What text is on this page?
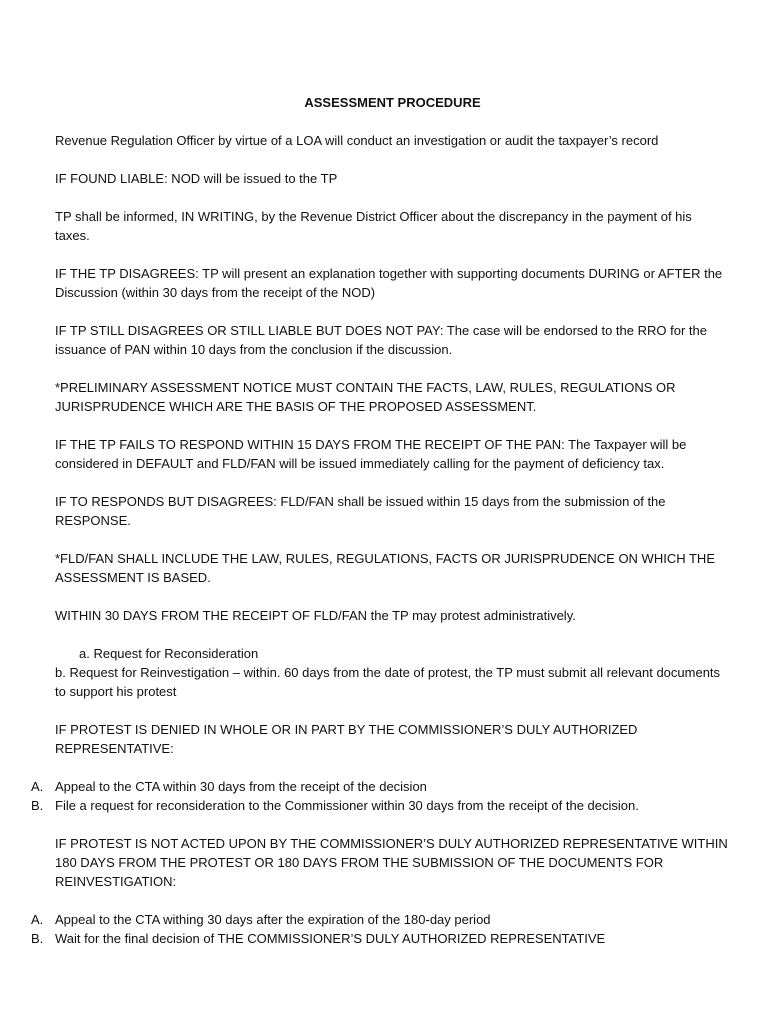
ASSESSMENT PROCEDURE

Revenue Regulation Officer by virtue of a LOA will conduct an investigation or audit the taxpayer’s record

IF FOUND LIABLE: NOD will be issued to the TP

TP shall be informed, IN WRITING, by the Revenue District Officer about the discrepancy in the payment of his taxes.

IF THE TP DISAGREES: TP will present an explanation together with supporting documents DURING or AFTER the Discussion (within 30 days from the receipt of the NOD)

IF TP STILL DISAGREES OR STILL LIABLE BUT DOES NOT PAY: The case will be endorsed to the RRO for the issuance of PAN within 10 days from the conclusion if the discussion.

*PRELIMINARY ASSESSMENT NOTICE MUST CONTAIN THE FACTS, LAW, RULES, REGULATIONS OR JURISPRUDENCE WHICH ARE THE BASIS OF THE PROPOSED ASSESSMENT.

IF THE TP FAILS TO RESPOND WITHIN 15 DAYS FROM THE RECEIPT OF THE PAN: The Taxpayer will be considered in DEFAULT and FLD/FAN will be issued immediately calling for the payment of deficiency tax.

IF TO RESPONDS BUT DISAGREES: FLD/FAN shall be issued within 15 days from the submission of the RESPONSE.

*FLD/FAN SHALL INCLUDE THE LAW, RULES, REGULATIONS, FACTS OR JURISPRUDENCE ON WHICH THE ASSESSMENT IS BASED.

WITHIN 30 DAYS FROM THE RECEIPT OF FLD/FAN the TP may protest administratively.

a. Request for Reconsideration

b. Request for Reinvestigation – within. 60 days from the date of protest, the TP must submit all relevant documents to support his protest

IF PROTEST IS DENIED IN WHOLE OR IN PART BY THE COMMISSIONER’S DULY AUTHORIZED REPRESENTATIVE:

A. Appeal to the CTA within 30 days from the receipt of the decision
B. File a request for reconsideration to the Commissioner within 30 days from the receipt of the decision.

IF PROTEST IS NOT ACTED UPON BY THE COMMISSIONER’S DULY AUTHORIZED REPRESENTATIVE WITHIN 180 DAYS FROM THE PROTEST OR 180 DAYS FROM THE SUBMISSION OF THE DOCUMENTS FOR REINVESTIGATION:

A. Appeal to the CTA withing 30 days after the expiration of the 180-day period
B. Wait for the final decision of THE COMMISSIONER’S DULY AUTHORIZED REPRESENTATIVE
